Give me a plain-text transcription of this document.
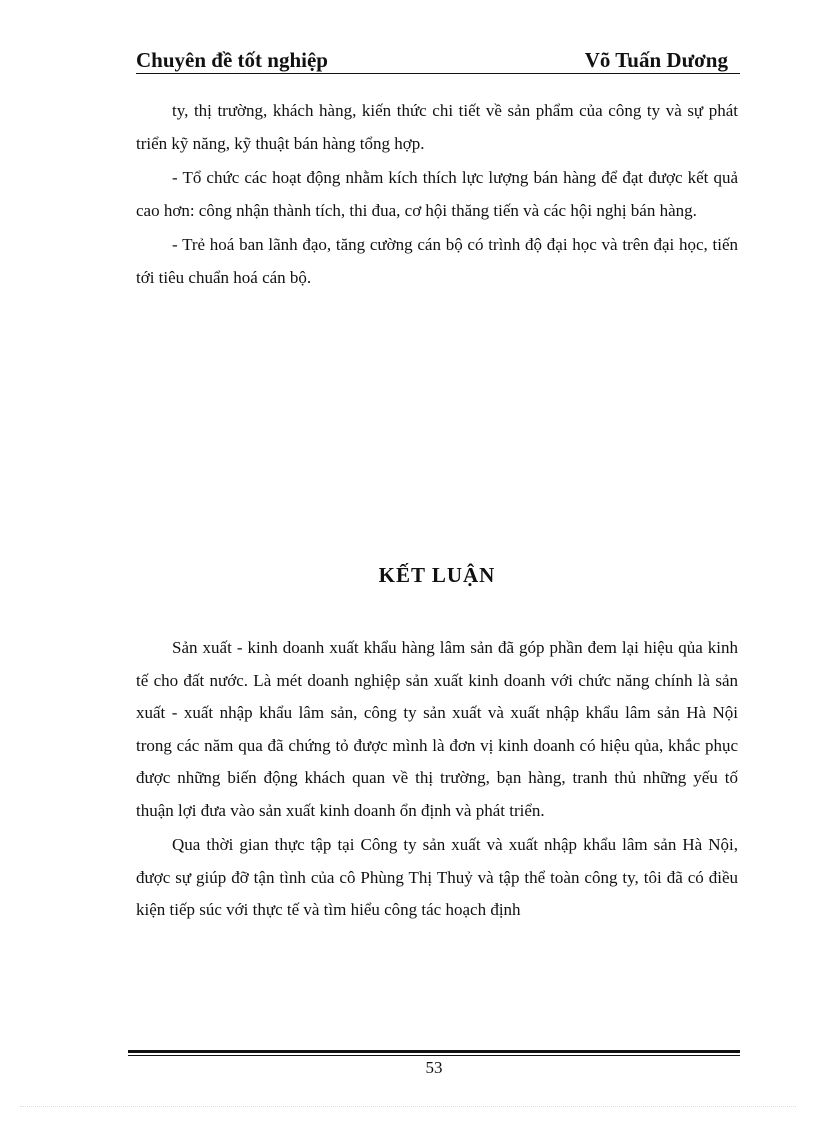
Chuyên đề tốt nghiệp	Võ Tuấn Dương

ty, thị trường, khách hàng, kiến thức chi tiết về sản phẩm của công ty và sự phát triển kỹ năng, kỹ thuật bán hàng tổng hợp.

- Tổ chức các hoạt động nhằm kích thích lực lượng bán hàng để đạt được kết quả cao hơn: công nhận thành tích, thi đua, cơ hội thăng tiến và các hội nghị bán hàng.

- Trẻ hoá ban lãnh đạo, tăng cường cán bộ có trình độ đại học và trên đại học, tiến tới tiêu chuẩn hoá cán bộ.

KẾT LUẬN

Sản xuất - kinh doanh xuất khẩu hàng lâm sản đã góp phần đem lại hiệu qủa kinh tế cho đất nước. Là mét doanh nghiệp sản xuất kinh doanh với chức năng chính là sản xuất - xuất nhập khẩu lâm sản, công ty sản xuất và xuất nhập khẩu lâm sản Hà Nội trong các năm qua đã chứng tỏ được mình là đơn vị kinh doanh có hiệu qủa, khắc phục được những biến động khách quan về thị trường, bạn hàng, tranh thủ những yếu tố thuận lợi đưa vào sản xuất kinh doanh ổn định và phát triển.

Qua thời gian thực tập tại Công ty sản xuất và xuất nhập khẩu lâm sản Hà Nội, được sự giúp đỡ tận tình của cô Phùng Thị Thuỷ và tập thể toàn công ty, tôi đã có điều kiện tiếp súc với thực tế và tìm hiểu công tác hoạch định

53
